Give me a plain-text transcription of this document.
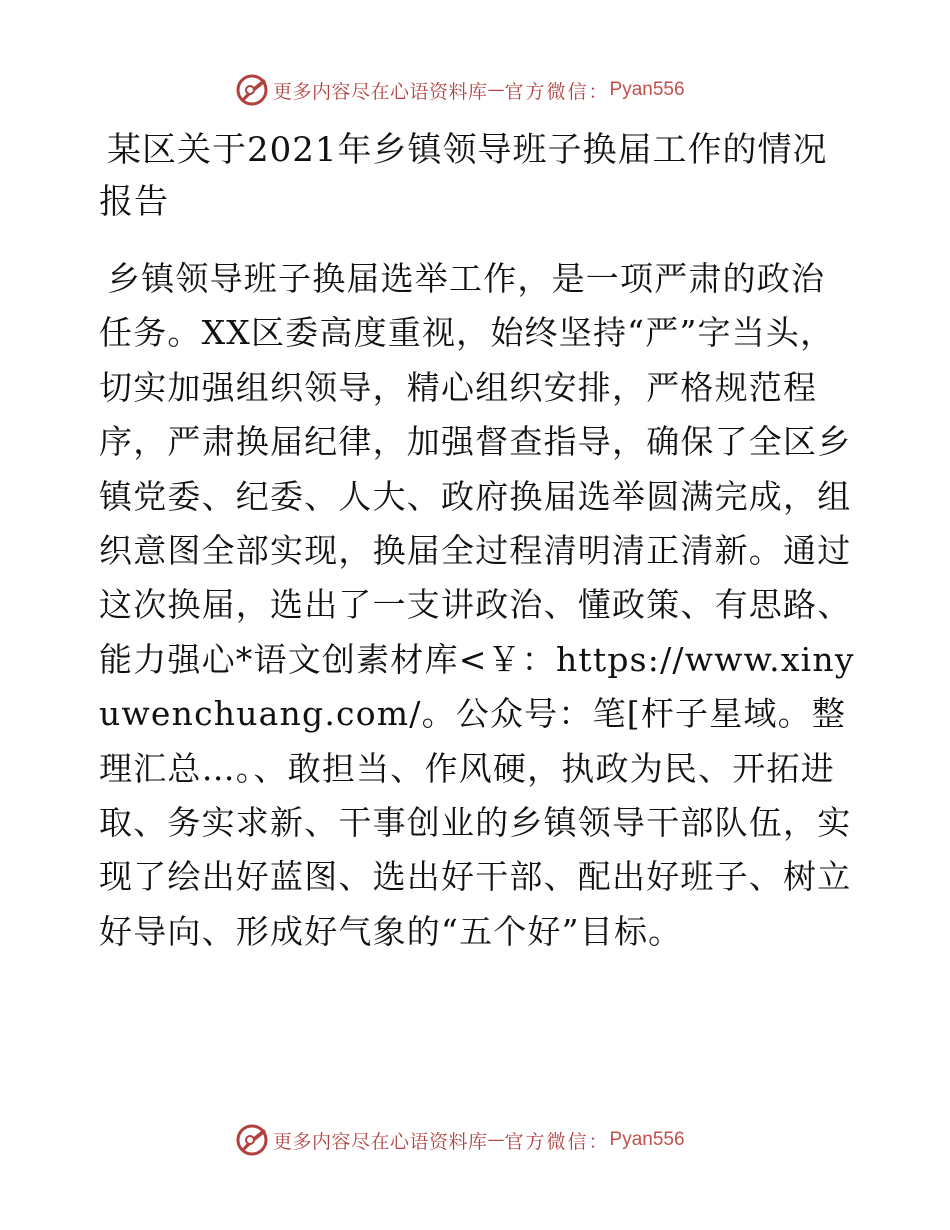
更多内容尽在心语资料库 — 官方微信： Pyan556
某区关于2021年乡镇领导班子换届工作的情况报告

乡镇领导班子换届选举工作，是一项严肃的政治任务。XX区委高度重视，始终坚持“严”字当头，切实加强组织领导，精心组织安排，严格规范程序，严肃换届纪律，加强督查指导，确保了全区乡镇党委、纪委、人大、政府换届选举圆满完成，组织意图全部实现，换届全过程清明清正清新。通过这次换届，选出了一支讲政治、懂政策、有思路、能力强心*语文创素材库<￥：https://www.xinyuwenchuang.com/。公众号：笔[杆子星域。整理汇总…。、敢担当、作风硬，执政为民、开拓进取、务实求新、干事创业的乡镇领导干部队伍，实现了绘出好蓝图、选出好干部、配出好班子、树立好导向、形成好气象的“五个好”目标。

更多内容尽在心语资料库 — 官方微信： Pyan556
